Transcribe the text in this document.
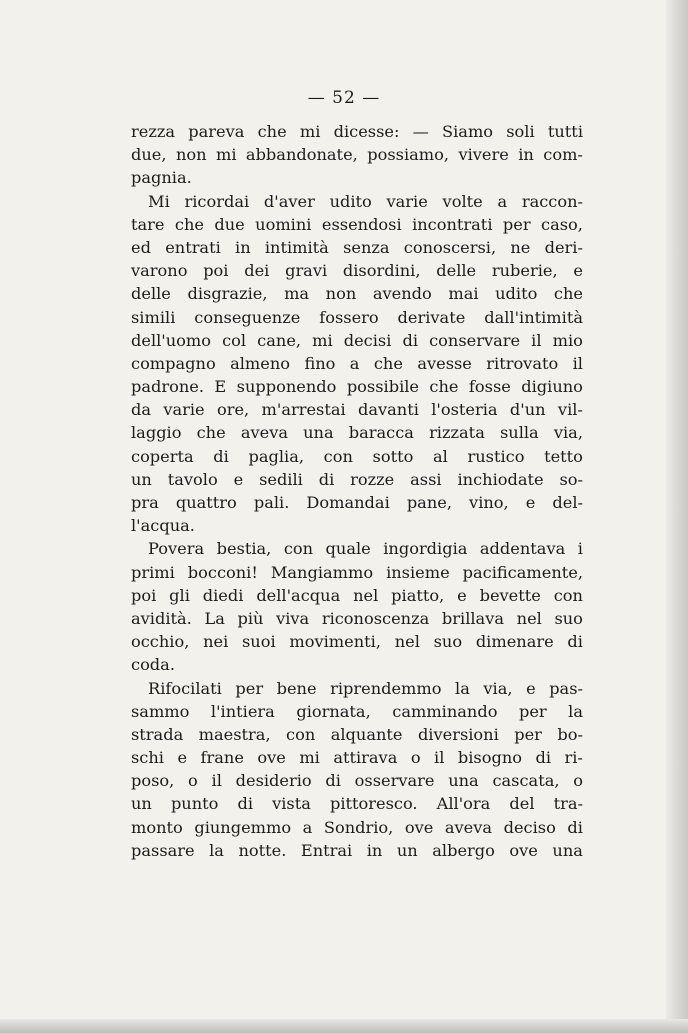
— 52 —
rezza pareva che mi dicesse: — Siamo soli tutti
due, non mi abbandonate, possiamo, vivere in com-
pagnia.
Mi ricordai d'aver udito varie volte a raccon-
tare che due uomini essendosi incontrati per caso,
ed entrati in intimità senza conoscersi, ne deri-
varono poi dei gravi disordini, delle ruberie, e
delle disgrazie, ma non avendo mai udito che
simili conseguenze fossero derivate dall'intimità
dell'uomo col cane, mi decisi di conservare il mio
compagno almeno fino a che avesse ritrovato il
padrone. E supponendo possibile che fosse digiuno
da varie ore, m'arrestai davanti l'osteria d'un vil-
laggio che aveva una baracca rizzata sulla via,
coperta di paglia, con sotto al rustico tetto
un tavolo e sedili di rozze assi inchiodate so-
pra quattro pali. Domandai pane, vino, e del-
l'acqua.
Povera bestia, con quale ingordigia addentava i
primi bocconi! Mangiammo insieme pacificamente,
poi gli diedi dell'acqua nel piatto, e bevette con
avidità. La più viva riconoscenza brillava nel suo
occhio, nei suoi movimenti, nel suo dimenare di
coda.
Rifocilati per bene riprendemmo la via, e pas-
sammo l'intiera giornata, camminando per la
strada maestra, con alquante diversioni per bo-
schi e frane ove mi attirava o il bisogno di ri-
poso, o il desiderio di osservare una cascata, o
un punto di vista pittoresco. All'ora del tra-
monto giungemmo a Sondrio, ove aveva deciso di
passare la notte. Entrai in un albergo ove una
